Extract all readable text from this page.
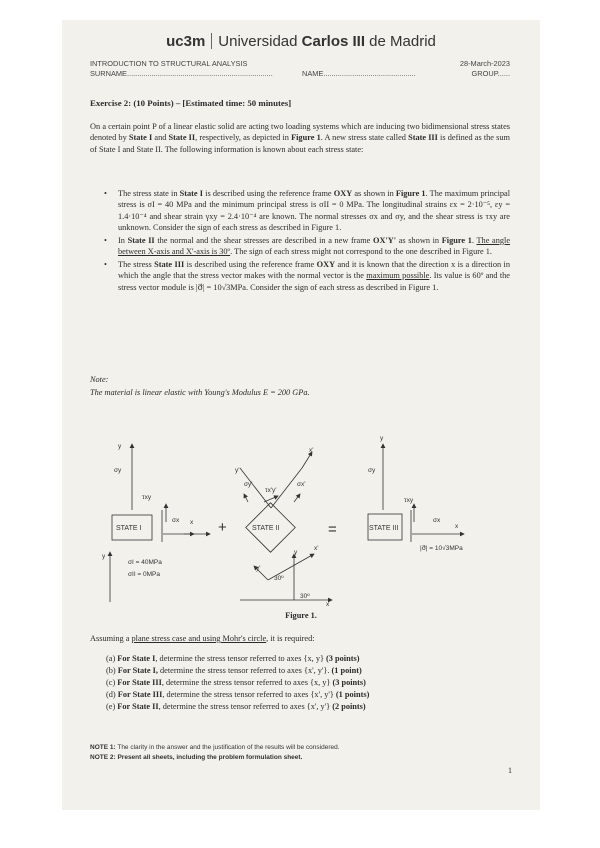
uc3m Universidad Carlos III de Madrid
INTRODUCTION TO STRUCTURAL ANALYSIS	28-March-2023
SURNAME.......................................................................	NAME.............................................	GROUP......
Exercise 2: (10 Points) – [Estimated time: 50 minutes]
On a certain point P of a linear elastic solid are acting two loading systems which are inducing two bidimensional stress states denoted by State I and State II, respectively, as depicted in Figure 1. A new stress state called State III is defined as the sum of State I and State II. The following information is known about each stress state:
• The stress state in State I is described using the reference frame OXY as shown in Figure 1. The maximum principal stress is σI = 40 MPa and the minimum principal stress is σII = 0 MPa. The longitudinal strains εx = 2·10⁻⁵, εy = 1.4·10⁻⁴ and shear strain γxy = 2.4·10⁻⁴ are known. The normal stresses σx and σy, and the shear stress is τxy are unknown. Consider the sign of each stress as described in Figure 1.
• In State II the normal and the shear stresses are described in a new frame OX'Y' as shown in Figure 1. The angle between X-axis and X'-axis is 30º. The sign of each stress might not correspond to the one described in Figure 1.
• The stress State III is described using the reference frame OXY and it is known that the direction x is a direction in which the angle that the stress vector makes with the normal vector is the maximum possible. Its value is 60º and the stress vector module is |σ⃗| = 10√3MPa. Consider the sign of each stress as described in Figure 1.
Note:
The material is linear elastic with Young's Modulus E = 200 GPa.
y
σy
τxy
σx x
STATE I	+
y'
σy'
τx'y'
σx'
x'
STATE II	=
y
σy
τxy
σx
x
STATE III
|σ⃗| = 10√3MPa
y
σI = 40MPa
σII = 0MPa
y'
30º
y
x'
30º
x
Figure 1.
Assuming a plane stress case and using Mohr's circle, it is required:
(a) For State I, determine the stress tensor referred to axes {x, y} (3 points)
(b) For State I, determine the stress tensor referred to axes {x', y'}. (1 point)
(c) For State III, determine the stress tensor referred to axes {x, y} (3 points)
(d) For State III, determine the stress tensor referred to axes {x', y'} (1 points)
(e) For State II, determine the stress tensor referred to axes {x', y'} (2 points)
NOTE 1: The clarity in the answer and the justification of the results will be considered.
NOTE 2: Present all sheets, including the problem formulation sheet.
1
